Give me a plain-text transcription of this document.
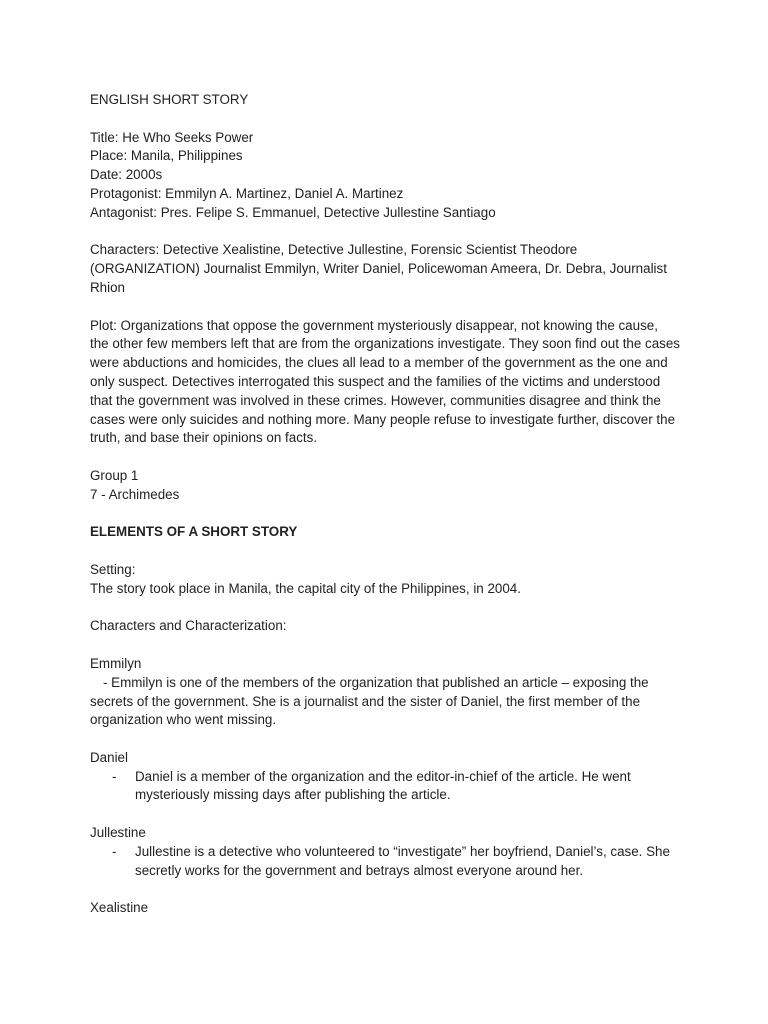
ENGLISH SHORT STORY

Title: He Who Seeks Power

Place: Manila, Philippines

Date: 2000s

Protagonist: Emmilyn A. Martinez, Daniel A. Martinez

Antagonist: Pres. Felipe S. Emmanuel, Detective Jullestine Santiago

Characters: Detective Xealistine, Detective Jullestine, Forensic Scientist Theodore (ORGANIZATION) Journalist Emmilyn, Writer Daniel, Policewoman Ameera, Dr. Debra, Journalist Rhion

Plot: Organizations that oppose the government mysteriously disappear, not knowing the cause, the other few members left that are from the organizations investigate. They soon find out the cases were abductions and homicides, the clues all lead to a member of the government as the one and only suspect. Detectives interrogated this suspect and the families of the victims and understood that the government was involved in these crimes. However, communities disagree and think the cases were only suicides and nothing more. Many people refuse to investigate further, discover the truth, and base their opinions on facts.

Group 1

7 - Archimedes

ELEMENTS OF A SHORT STORY

Setting:

The story took place in Manila, the capital city of the Philippines, in 2004.

Characters and Characterization:

Emmilyn

- Emmilyn is one of the members of the organization that published an article – exposing the secrets of the government. She is a journalist and the sister of Daniel, the first member of the organization who went missing.

Daniel

-	Daniel is a member of the organization and the editor-in-chief of the article. He went mysteriously missing days after publishing the article.

Jullestine

-	Jullestine is a detective who volunteered to “investigate” her boyfriend, Daniel’s, case. She secretly works for the government and betrays almost everyone around her.

Xealistine
